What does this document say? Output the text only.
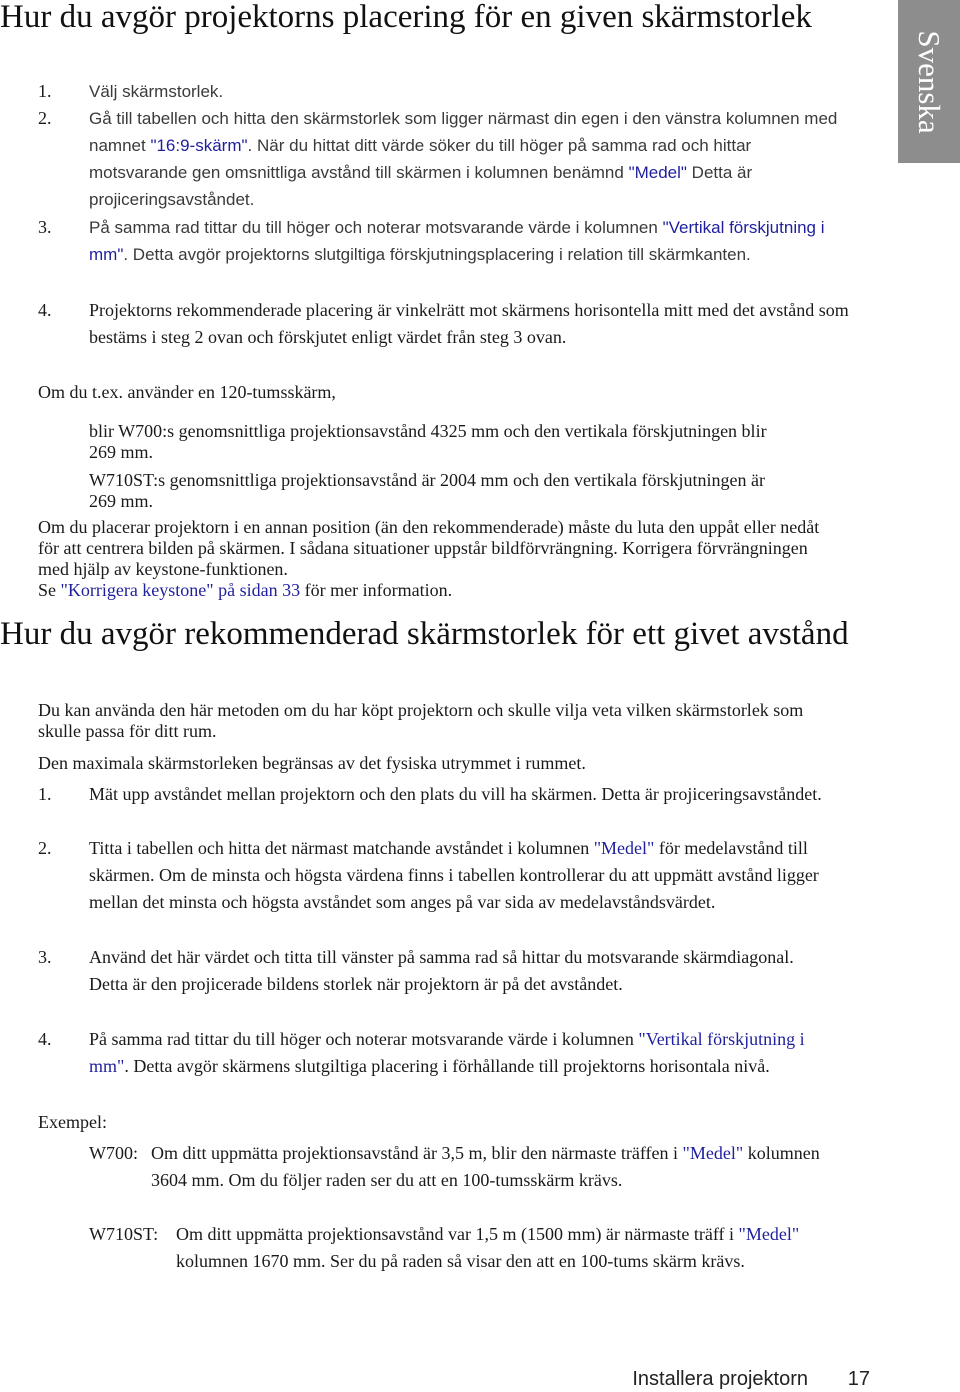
Svenska
Hur du avgör projektorns placering för en given skärmstorlek
1. Välj skärmstorlek.

2. Gå till tabellen och hitta den skärmstorlek som ligger närmast din egen i den vänstra kolumnen med namnet "16:9-skärm". När du hittat ditt värde söker du till höger på samma rad och hittar motsvarande gen omsnittliga avstånd till skärmen i kolumnen benämnd "Medel" Detta är projiceringsavståndet.

3. På samma rad tittar du till höger och noterar motsvarande värde i kolumnen "Vertikal förskjutning i mm". Detta avgör projektorns slutgiltiga förskjutningsplacering i relation till skärmkanten.

4. Projektorns rekommenderade placering är vinkelrätt mot skärmens horisontella mitt med det avstånd som bestäms i steg 2 ovan och förskjutet enligt värdet från steg 3 ovan.

Om du t.ex. använder en 120-tumsskärm,

blir W700:s genomsnittliga projektionsavstånd 4325 mm och den vertikala förskjutningen blir 269 mm.

W710ST:s genomsnittliga projektionsavstånd är 2004 mm och den vertikala förskjutningen är 269 mm.

Om du placerar projektorn i en annan position (än den rekommenderade) måste du luta den uppåt eller nedåt för att centrera bilden på skärmen. I sådana situationer uppstår bildförvrängning. Korrigera förvrängningen med hjälp av keystone-funktionen.

Se "Korrigera keystone" på sidan 33 för mer information.

Hur du avgör rekommenderad skärmstorlek för ett givet avstånd

Du kan använda den här metoden om du har köpt projektorn och skulle vilja veta vilken skärmstorlek som skulle passa för ditt rum.

Den maximala skärmstorleken begränsas av det fysiska utrymmet i rummet.

1. Mät upp avståndet mellan projektorn och den plats du vill ha skärmen. Detta är projiceringsavståndet.

2. Titta i tabellen och hitta det närmast matchande avståndet i kolumnen "Medel" för medelavstånd till skärmen. Om de minsta och högsta värdena finns i tabellen kontrollerar du att uppmätt avstånd ligger mellan det minsta och högsta avståndet som anges på var sida av medelavståndsvärdet.

3. Använd det här värdet och titta till vänster på samma rad så hittar du motsvarande skärmdiagonal. Detta är den projicerade bildens storlek när projektorn är på det avståndet.

4. På samma rad tittar du till höger och noterar motsvarande värde i kolumnen "Vertikal förskjutning i mm". Detta avgör skärmens slutgiltiga placering i förhållande till projektorns horisontala nivå.

Exempel:

W700: Om ditt uppmätta projektionsavstånd är 3,5 m, blir den närmaste träffen i "Medel" kolumnen 3604 mm. Om du följer raden ser du att en 100-tumsskärm krävs.

W710ST: Om ditt uppmätta projektionsavstånd var 1,5 m (1500 mm) är närmaste träff i "Medel" kolumnen 1670 mm. Ser du på raden så visar den att en 100-tums skärm krävs.

Installera projektorn 17
